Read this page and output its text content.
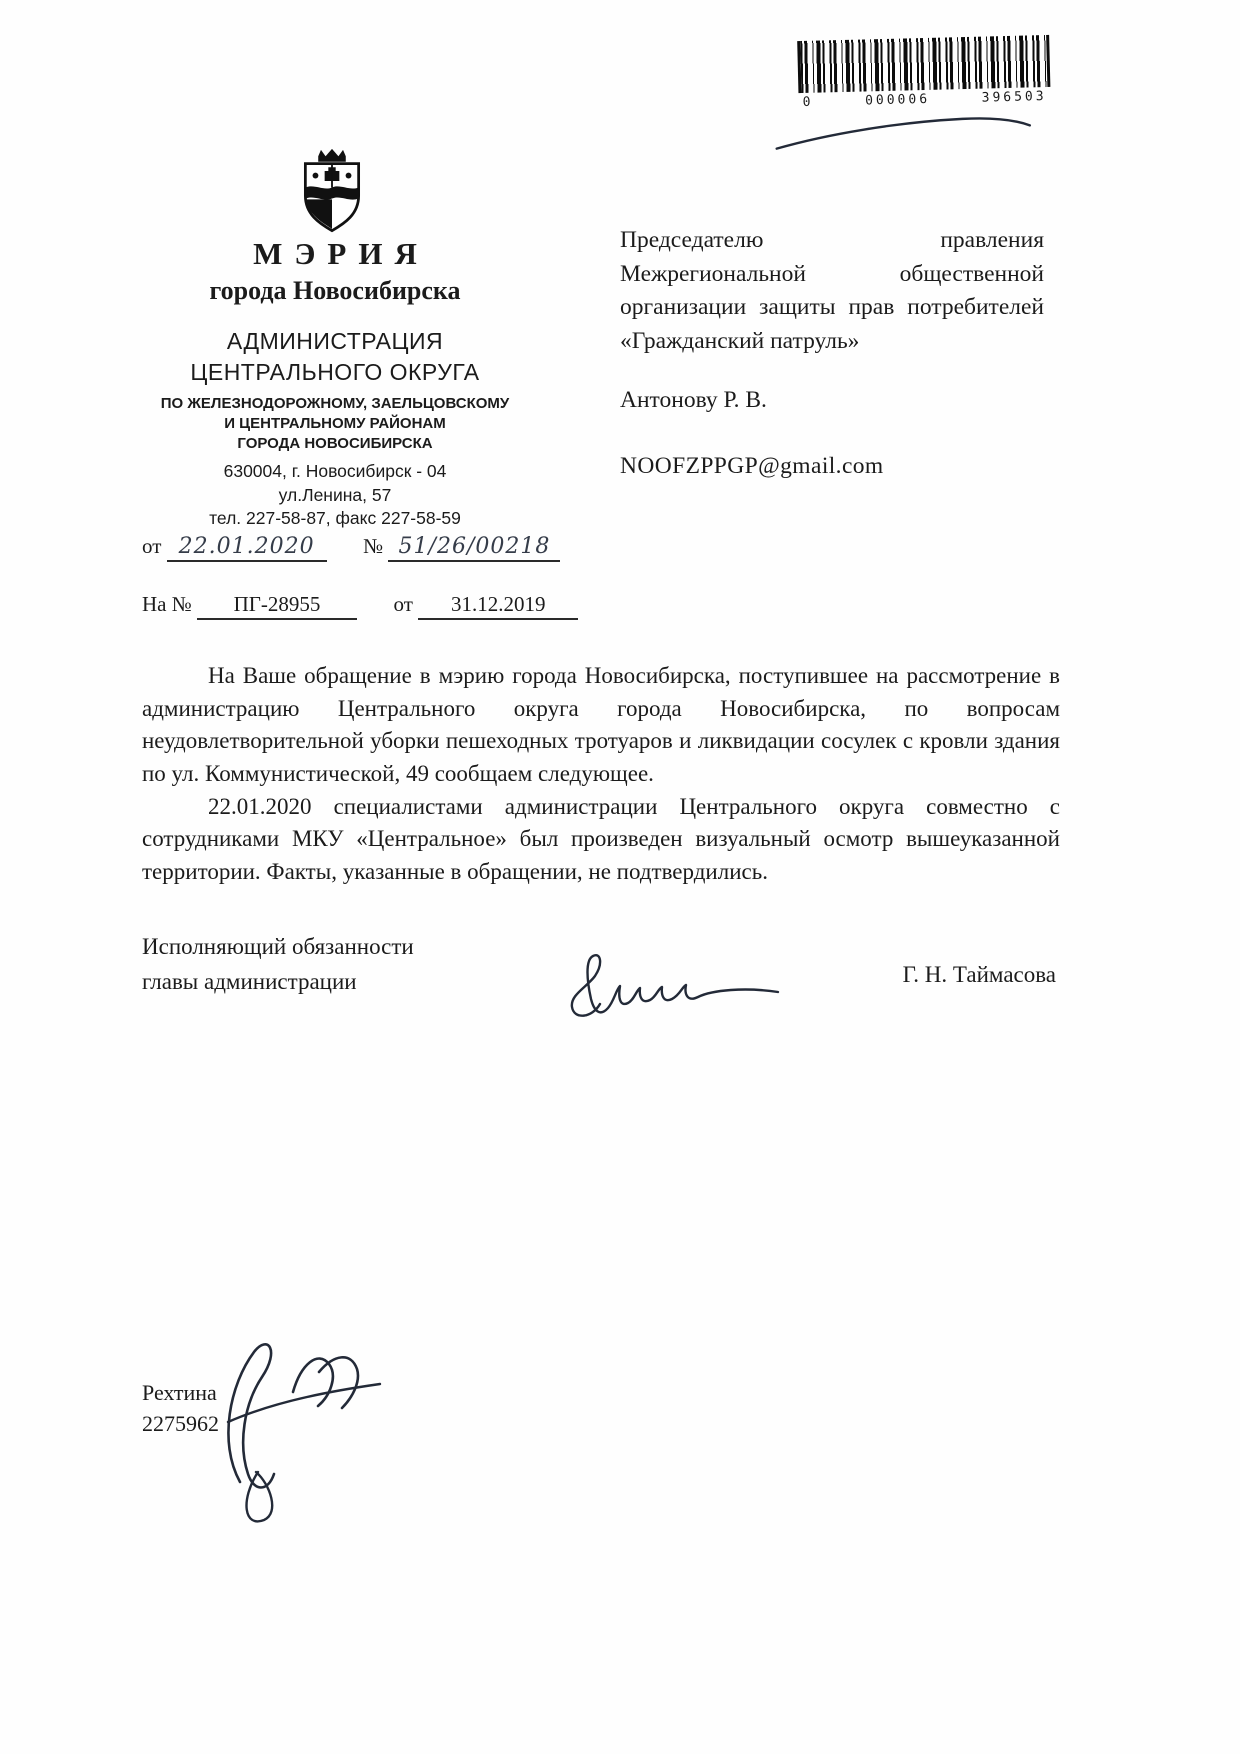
0	000006	396503
МЭРИЯ
города Новосибирска
АДМИНИСТРАЦИЯ
ЦЕНТРАЛЬНОГО ОКРУГА
ПО ЖЕЛЕЗНОДОРОЖНОМУ, ЗАЕЛЬЦОВСКОМУ
И ЦЕНТРАЛЬНОМУ РАЙОНАМ
ГОРОДА НОВОСИБИРСКА
630004, г. Новосибирск - 04
ул.Ленина, 57
тел. 227-58-87, факс 227-58-59
от 22.01.2020 № 51/26/00218
На № ПГ-28955	от 31.12.2019
Председателю правления Межрегиональной общественной организации защиты прав потребителей «Гражданский патруль»
Антонову Р. В.
NOOFZPPGP@gmail.com

На Ваше обращение в мэрию города Новосибирска, поступившее на рассмотрение в администрацию Центрального округа города Новосибирска, по вопросам неудовлетворительной уборки пешеходных тротуаров и ликвидации сосулек с кровли здания по ул. Коммунистической, 49 сообщаем следующее.

22.01.2020 специалистами администрации Центрального округа совместно с сотрудниками МКУ «Центральное» был произведен визуальный осмотр вышеуказанной территории. Факты, указанные в обращении, не подтвердились.

Исполняющий обязанности
главы администрации	Г. Н. Таймасова
Рехтина
2275962
